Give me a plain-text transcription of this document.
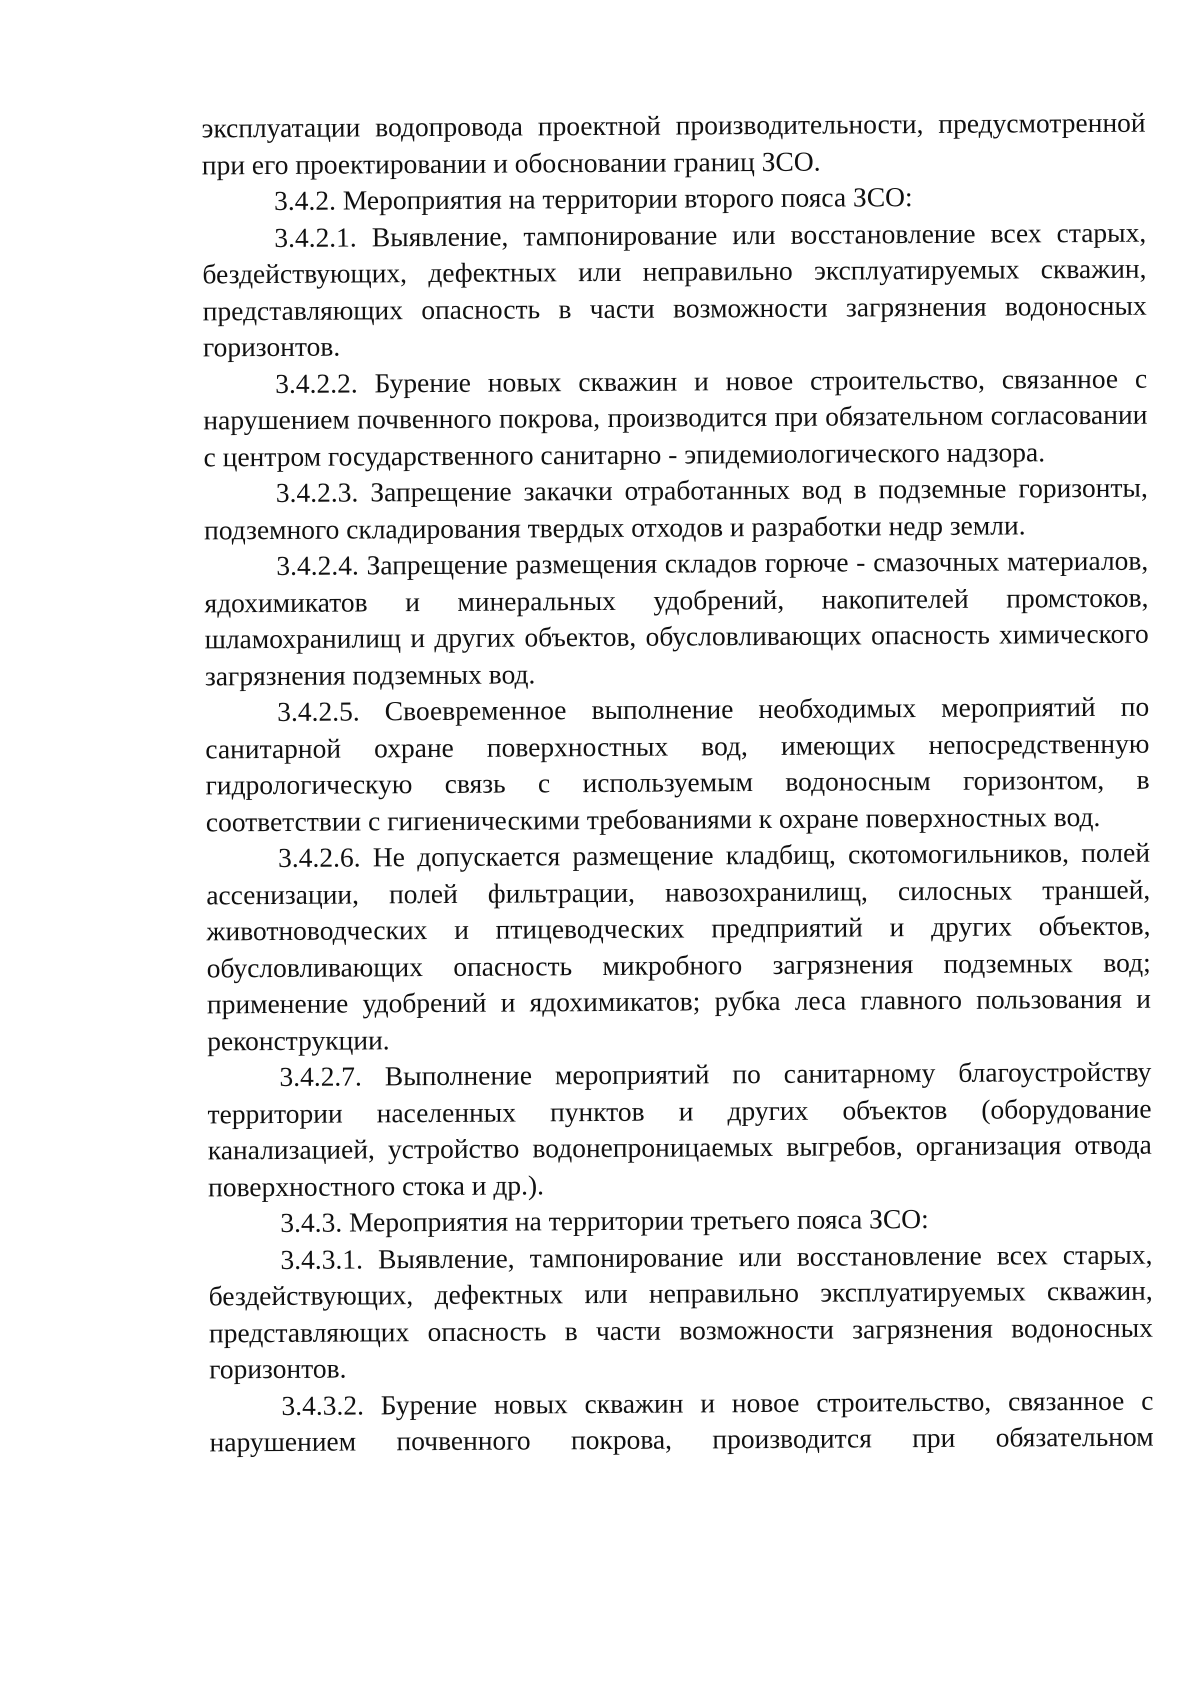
эксплуатации водопровода проектной производительности, предусмотренной при его проектировании и обосновании границ ЗСО.

3.4.2. Мероприятия на территории второго пояса ЗСО:

3.4.2.1. Выявление, тампонирование или восстановление всех старых, бездействующих, дефектных или неправильно эксплуатируемых скважин, представляющих опасность в части возможности загрязнения водоносных горизонтов.

3.4.2.2. Бурение новых скважин и новое строительство, связанное с нарушением почвенного покрова, производится при обязательном согласовании с центром государственного санитарно - эпидемиологического надзора.

3.4.2.3. Запрещение закачки отработанных вод в подземные горизонты, подземного складирования твердых отходов и разработки недр земли.

3.4.2.4. Запрещение размещения складов горюче - смазочных материалов, ядохимикатов и минеральных удобрений, накопителей промстоков, шламохранилищ и других объектов, обусловливающих опасность химического загрязнения подземных вод.

3.4.2.5. Своевременное выполнение необходимых мероприятий по санитарной охране поверхностных вод, имеющих непосредственную гидрологическую связь с используемым водоносным горизонтом, в соответствии с гигиеническими требованиями к охране поверхностных вод.

3.4.2.6. Не допускается размещение кладбищ, скотомогильников, полей ассенизации, полей фильтрации, навозохранилищ, силосных траншей, животноводческих и птицеводческих предприятий и других объектов, обусловливающих опасность микробного загрязнения подземных вод; применение удобрений и ядохимикатов; рубка леса главного пользования и реконструкции.

3.4.2.7. Выполнение мероприятий по санитарному благоустройству территории населенных пунктов и других объектов (оборудование канализацией, устройство водонепроницаемых выгребов, организация отвода поверхностного стока и др.).

3.4.3. Мероприятия на территории третьего пояса ЗСО:

3.4.3.1. Выявление, тампонирование или восстановление всех старых, бездействующих, дефектных или неправильно эксплуатируемых скважин, представляющих опасность в части возможности загрязнения водоносных горизонтов.

3.4.3.2. Бурение новых скважин и новое строительство, связанное с нарушением почвенного покрова, производится при обязательном
